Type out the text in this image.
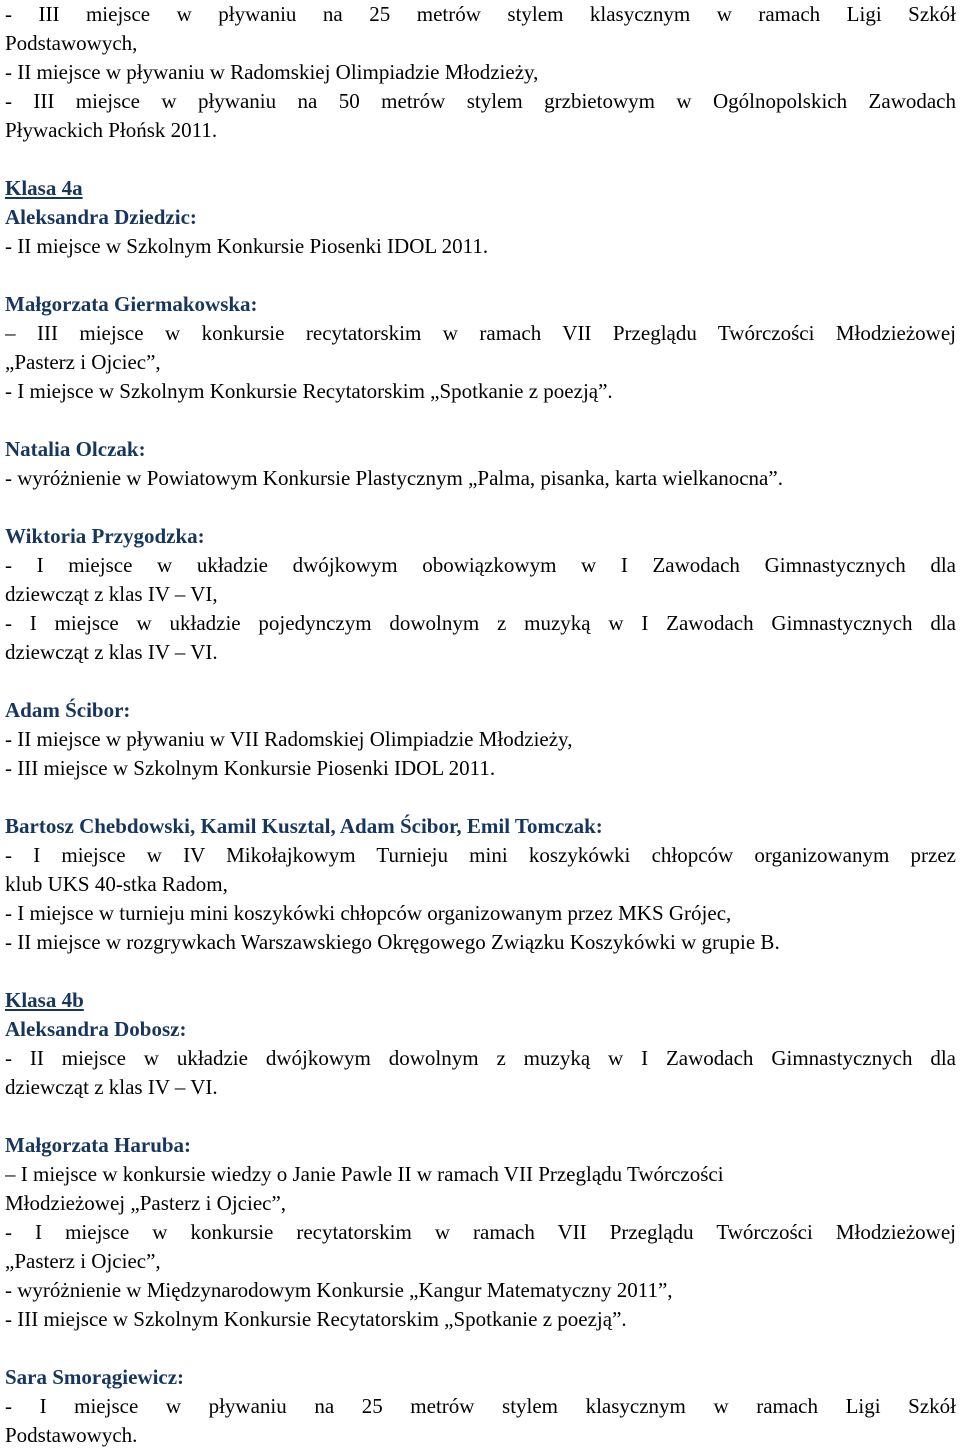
- III miejsce w pływaniu na 25 metrów stylem klasycznym w ramach Ligi Szkół
Podstawowych,
- II miejsce w pływaniu w Radomskiej Olimpiadzie Młodzieży,
- III miejsce w pływaniu na 50 metrów stylem grzbietowym w Ogólnopolskich Zawodach
Pływackich Płońsk 2011.
Klasa 4a
Aleksandra Dziedzic:
- II miejsce w Szkolnym Konkursie Piosenki IDOL 2011.
Małgorzata Giermakowska:
– III miejsce w konkursie recytatorskim w ramach VII Przeglądu Twórczości Młodzieżowej
„Pasterz i Ojciec”,
- I miejsce w Szkolnym Konkursie Recytatorskim „Spotkanie z poezją”.
Natalia Olczak:
- wyróżnienie w Powiatowym Konkursie Plastycznym „Palma, pisanka, karta wielkanocna”.
Wiktoria Przygodzka:
- I miejsce w układzie dwójkowym obowiązkowym w I Zawodach Gimnastycznych dla
dziewcząt z klas IV – VI,
- I miejsce w układzie pojedynczym dowolnym z muzyką w I Zawodach Gimnastycznych dla
dziewcząt z klas IV – VI.
Adam Ścibor:
- II miejsce w pływaniu w VII Radomskiej Olimpiadzie Młodzieży,
- III miejsce w Szkolnym Konkursie Piosenki IDOL 2011.
Bartosz Chebdowski, Kamil Kusztal, Adam Ścibor, Emil Tomczak:
- I miejsce w IV Mikołajkowym Turnieju mini koszykówki chłopców organizowanym przez
klub UKS 40-stka Radom,
- I miejsce w turnieju mini koszykówki chłopców organizowanym przez MKS Grójec,
- II miejsce w rozgrywkach Warszawskiego Okręgowego Związku Koszykówki w grupie B.
Klasa 4b
Aleksandra Dobosz:
- II miejsce w układzie dwójkowym dowolnym z muzyką w I Zawodach Gimnastycznych dla
dziewcząt z klas IV – VI.
Małgorzata Haruba:
– I miejsce w konkursie wiedzy o Janie Pawle II w ramach VII Przeglądu Twórczości
Młodzieżowej „Pasterz i Ojciec”,
- I miejsce w konkursie recytatorskim w ramach VII Przeglądu Twórczości Młodzieżowej
„Pasterz i Ojciec”,
- wyróżnienie w Międzynarodowym Konkursie „Kangur Matematyczny 2011”,
- III miejsce w Szkolnym Konkursie Recytatorskim „Spotkanie z poezją”.
Sara Smorągiewicz:
- I miejsce w pływaniu na 25 metrów stylem klasycznym w ramach Ligi Szkół
Podstawowych.
